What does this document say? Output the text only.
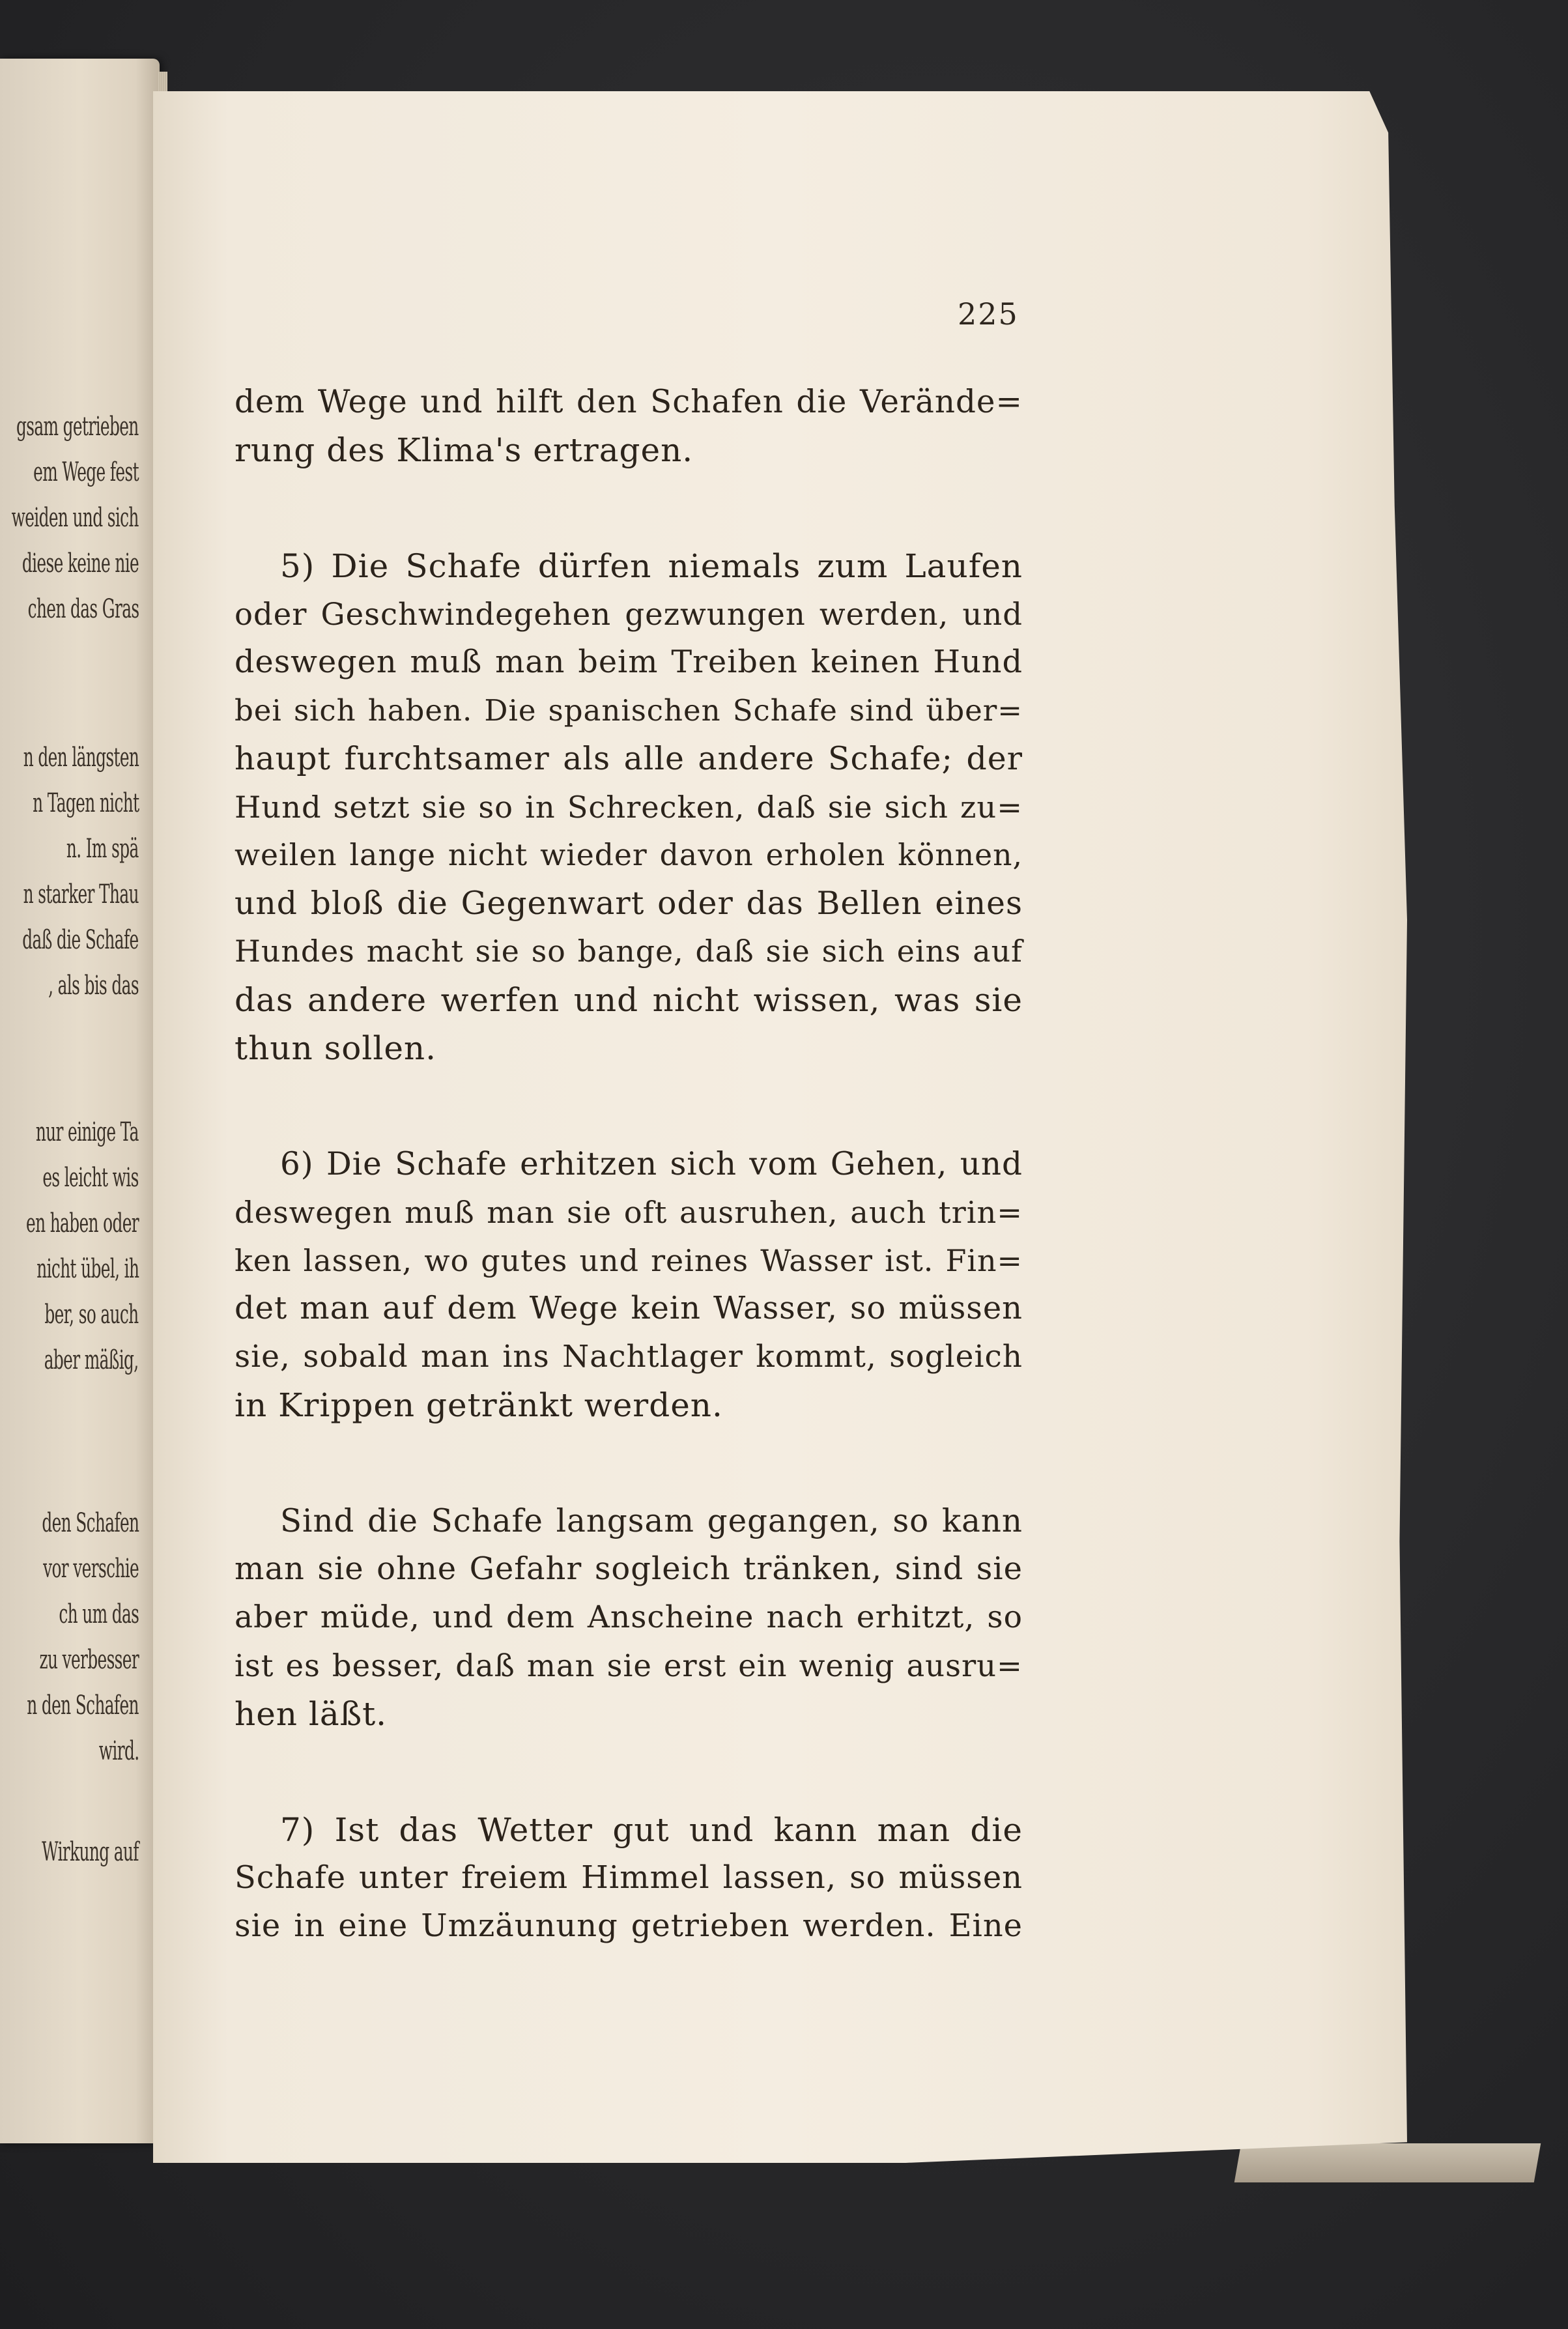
gsam getrieben
em Wege fest
weiden und sich
diese keine nie
chen das Gras
n den längsten
n Tagen nicht
n. Im spä
n starker Thau
daß die Schafe
, als bis das
nur einige Ta
es leicht wis
en haben oder
nicht übel, ih
ber, so auch
aber mäßig,
den Schafen
vor verschie
ch um das
zu verbesser
n den Schafen
wird.
Wirkung auf
225
dem Wege und hilft den Schafen die Verände=
rung des Klima's ertragen.
5) Die Schafe dürfen niemals zum Laufen
oder Geschwindegehen gezwungen werden, und
deswegen muß man beim Treiben keinen Hund
bei sich haben. Die spanischen Schafe sind über=
haupt furchtsamer als alle andere Schafe; der
Hund setzt sie so in Schrecken, daß sie sich zu=
weilen lange nicht wieder davon erholen können,
und bloß die Gegenwart oder das Bellen eines
Hundes macht sie so bange, daß sie sich eins auf
das andere werfen und nicht wissen, was sie
thun sollen.
6) Die Schafe erhitzen sich vom Gehen, und
deswegen muß man sie oft ausruhen, auch trin=
ken lassen, wo gutes und reines Wasser ist. Fin=
det man auf dem Wege kein Wasser, so müssen
sie, sobald man ins Nachtlager kommt, sogleich
in Krippen getränkt werden.
Sind die Schafe langsam gegangen, so kann
man sie ohne Gefahr sogleich tränken, sind sie
aber müde, und dem Anscheine nach erhitzt, so
ist es besser, daß man sie erst ein wenig ausru=
hen läßt.
7) Ist das Wetter gut und kann man die
Schafe unter freiem Himmel lassen, so müssen
sie in eine Umzäunung getrieben werden. Eine
